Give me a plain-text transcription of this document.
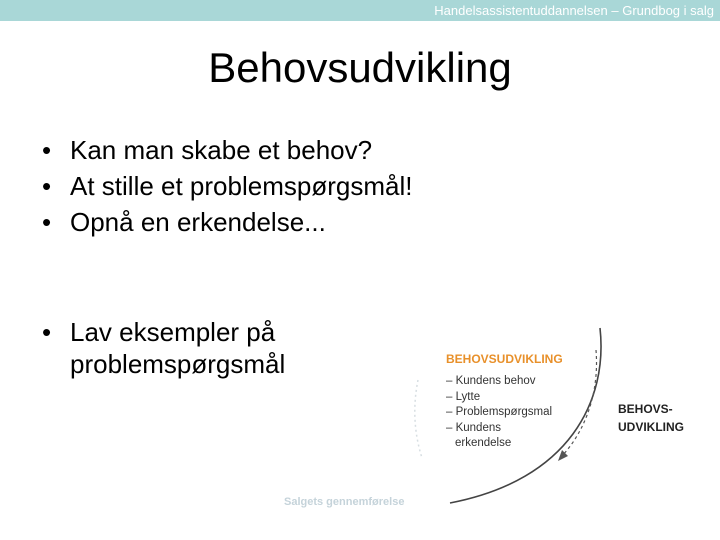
Handelsassistentuddannelsen – Grundbog i salg
Behovsudvikling
• Kan man skabe et behov?
• At stille et problemspørgsmål!
• Opnå en erkendelse...
• Lav eksempler på
problemspørgsmål	BEHOVSUDVIKLING
– Kundens behov
– Lytte
– Problemspørgsmal
– Kundens
erkendelse
BEHOVS-
UDVIKLING
Salgets gennemførelse
